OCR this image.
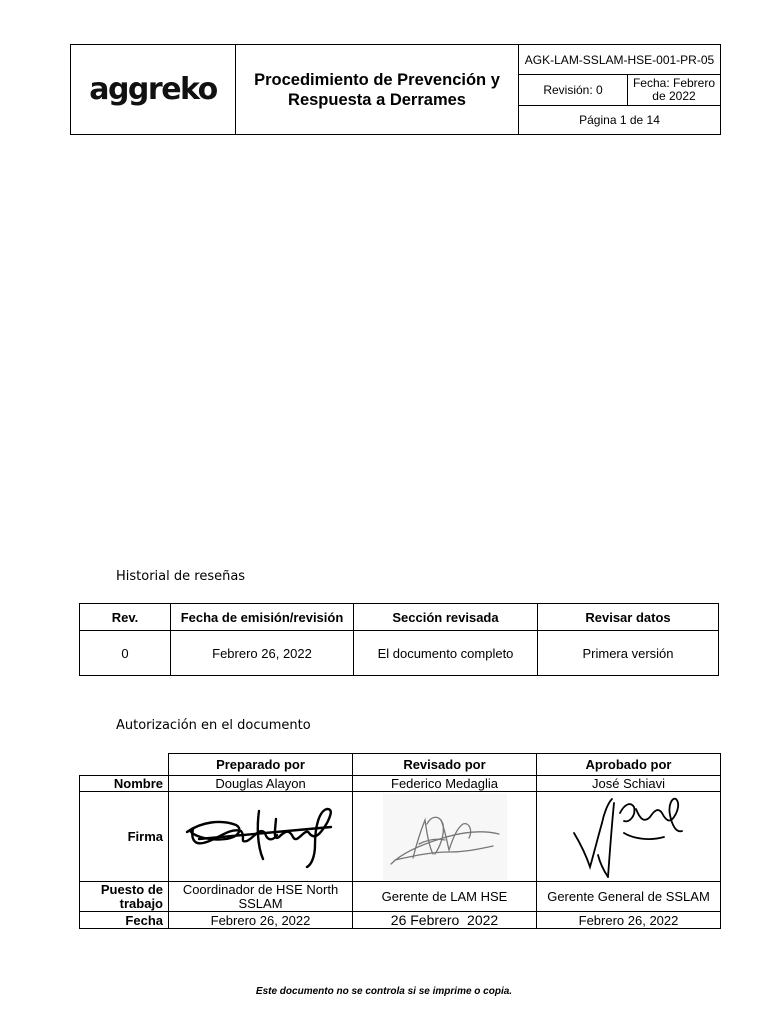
aggreko	Procedimiento de Prevención y Respuesta a Derrames	AGK-LAM-SSLAM-HSE-001-PR-05	
		Revisión: 0	Fecha: Febrero de 2022
		Página 1 de 14	
Historial de reseñas
Rev.	Fecha de emisión/revisión	Sección revisada	Revisar datos
0	Febrero 26, 2022	El documento completo	Primera versión
Autorización en el documento
	Preparado por	Revisado por	Aprobado por
Nombre	Douglas Alayon	Federico Medaglia	José Schiavi
Firma	

Puesto de trabajo	Coordinador de HSE North SSLAM	Gerente de LAM HSE	Gerente General de SSLAM
Fecha	Febrero 26, 2022	26 Febrero  2022	Febrero 26, 2022
Este documento no se controla si se imprime o copia.
